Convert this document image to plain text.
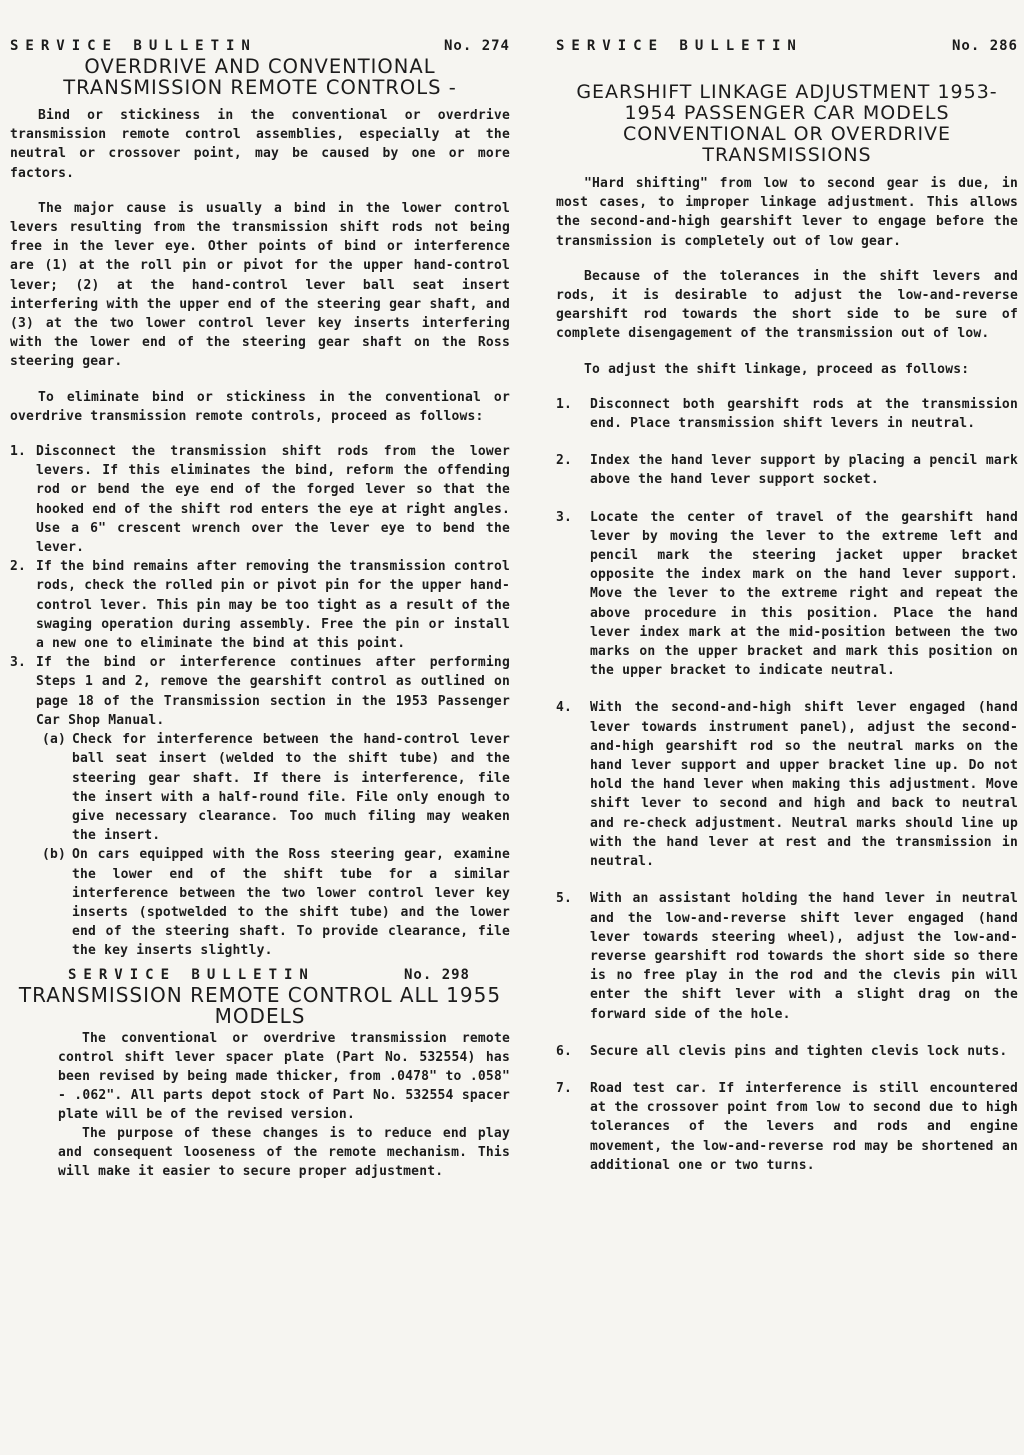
SERVICE BULLETIN	No. 274
OVERDRIVE AND CONVENTIONAL TRANSMISSION REMOTE CONTROLS -

Bind or stickiness in the conventional or overdrive transmission remote control assemblies, especially at the neutral or crossover point, may be caused by one or more factors.

The major cause is usually a bind in the lower control levers resulting from the transmission shift rods not being free in the lever eye. Other points of bind or interference are (1) at the roll pin or pivot for the upper hand-control lever; (2) at the hand-control lever ball seat insert interfering with the upper end of the steering gear shaft, and (3) at the two lower control lever key inserts interfering with the lower end of the steering gear shaft on the Ross steering gear.

To eliminate bind or stickiness in the conventional or overdrive transmission remote controls, proceed as follows:

1. Disconnect the transmission shift rods from the lower levers. If this eliminates the bind, reform the offending rod or bend the eye end of the forged lever so that the hooked end of the shift rod enters the eye at right angles. Use a 6" crescent wrench over the lever eye to bend the lever.
2. If the bind remains after removing the transmission control rods, check the rolled pin or pivot pin for the upper hand-control lever. This pin may be too tight as a result of the swaging operation during assembly. Free the pin or install a new one to eliminate the bind at this point.
3. If the bind or interference continues after performing Steps 1 and 2, remove the gearshift control as outlined on page 18 of the Transmission section in the 1953 Passenger Car Shop Manual.
(a) Check for interference between the hand-control lever ball seat insert (welded to the shift tube) and the steering gear shaft. If there is interference, file the insert with a half-round file. File only enough to give necessary clearance. Too much filing may weaken the insert.
(b) On cars equipped with the Ross steering gear, examine the lower end of the shift tube for a similar interference between the two lower control lever key inserts (spotwelded to the shift tube) and the lower end of the steering shaft. To provide clearance, file the key inserts slightly.
SERVICE BULLETIN	No. 298
TRANSMISSION REMOTE CONTROL ALL 1955 MODELS

The conventional or overdrive transmission remote control shift lever spacer plate (Part No. 532554) has been revised by being made thicker, from .0478" to .058" - .062". All parts depot stock of Part No. 532554 spacer plate will be of the revised version.

The purpose of these changes is to reduce end play and consequent looseness of the remote mechanism. This will make it easier to secure proper adjustment.

SERVICE BULLETIN	No. 286
GEARSHIFT LINKAGE ADJUSTMENT 1953-1954 PASSENGER CAR MODELS CONVENTIONAL OR OVERDRIVE TRANSMISSIONS

"Hard shifting" from low to second gear is due, in most cases, to improper linkage adjustment. This allows the second-and-high gearshift lever to engage before the transmission is completely out of low gear.

Because of the tolerances in the shift levers and rods, it is desirable to adjust the low-and-reverse gearshift rod towards the short side to be sure of complete disengagement of the transmission out of low.

To adjust the shift linkage, proceed as follows:

1. Disconnect both gearshift rods at the transmission end. Place transmission shift levers in neutral.
2. Index the hand lever support by placing a pencil mark above the hand lever support socket.
3. Locate the center of travel of the gearshift hand lever by moving the lever to the extreme left and pencil mark the steering jacket upper bracket opposite the index mark on the hand lever support. Move the lever to the extreme right and repeat the above procedure in this position. Place the hand lever index mark at the mid-position between the two marks on the upper bracket and mark this position on the upper bracket to indicate neutral.
4. With the second-and-high shift lever engaged (hand lever towards instrument panel), adjust the second-and-high gearshift rod so the neutral marks on the hand lever support and upper bracket line up. Do not hold the hand lever when making this adjustment. Move shift lever to second and high and back to neutral and re-check adjustment. Neutral marks should line up with the hand lever at rest and the transmission in neutral.
5. With an assistant holding the hand lever in neutral and the low-and-reverse shift lever engaged (hand lever towards steering wheel), adjust the low-and-reverse gearshift rod towards the short side so there is no free play in the rod and the clevis pin will enter the shift lever with a slight drag on the forward side of the hole.
6. Secure all clevis pins and tighten clevis lock nuts.
7. Road test car. If interference is still encountered at the crossover point from low to second due to high tolerances of the levers and rods and engine movement, the low-and-reverse rod may be shortened an additional one or two turns.
